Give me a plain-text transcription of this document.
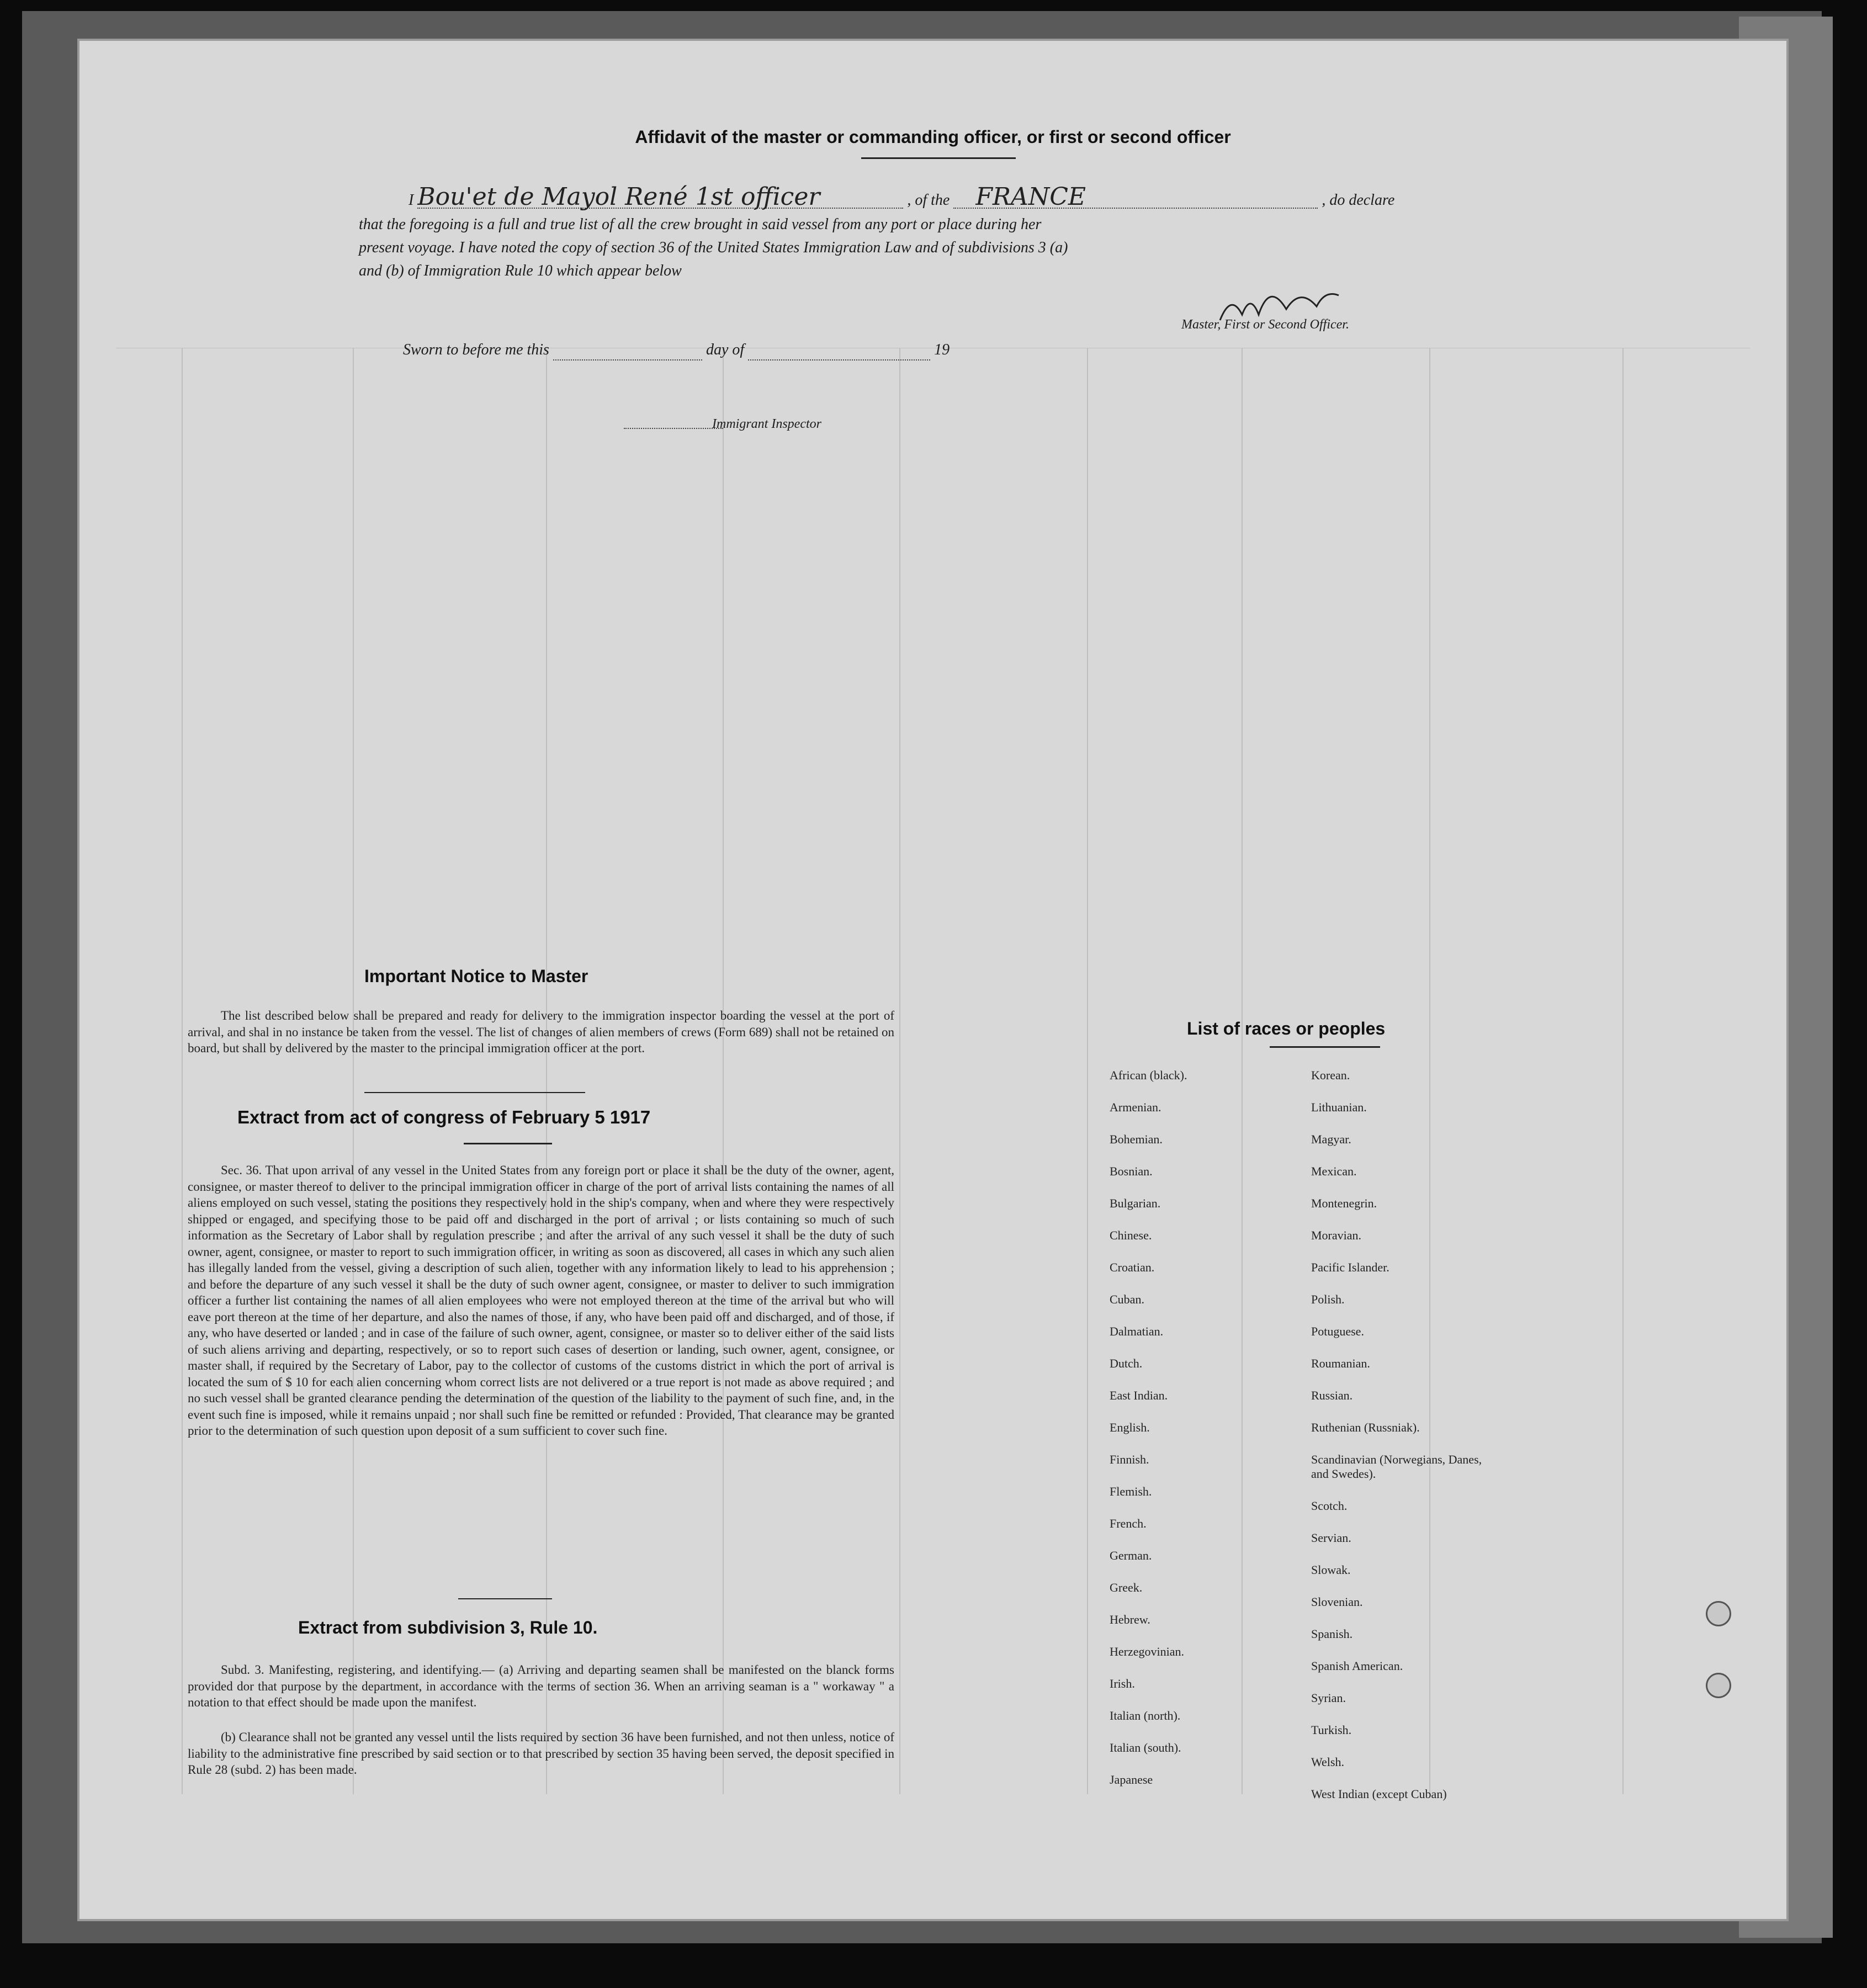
Affidavit of the master or commanding officer, or first or second officer
I Bou'et de Mayol René 1st officer	, of the FRANCE	, do declare
that the foregoing is a full and true list of all the crew brought in said vessel from any port or place during her
present voyage. I have noted the copy of section 36 of the United States Immigration Law and of subdivisions 3 (a)
and (b) of Immigration Rule 10 which appear below
Master, First or Second Officer.
Sworn to before me this	day of	19
Immigrant Inspector
Important Notice to Master
The list described below shall be prepared and ready for delivery to the immigration inspector boarding the vessel at the port of arrival, and shal in no instance be taken from the vessel. The list of changes of alien members of crews (Form 689) shall not be retained on board, but shall by delivered by the master to the principal immigration officer at the port.
Extract from act of congress of February 5 1917
Sec. 36. That upon arrival of any vessel in the United States from any foreign port or place it shall be the duty of the owner, agent, consignee, or master thereof to deliver to the principal immigration officer in charge of the port of arrival lists containing the names of all aliens employed on such vessel, stating the positions they respectively hold in the ship's company, when and where they were respectively shipped or engaged, and specifying those to be paid off and discharged in the port of arrival ; or lists containing so much of such information as the Secretary of Labor shall by regulation prescribe ; and after the arrival of any such vessel it shall be the duty of such owner, agent, consignee, or master to report to such immigration officer, in writing as soon as discovered, all cases in which any such alien has illegally landed from the vessel, giving a description of such alien, together with any information likely to lead to his apprehension ; and before the departure of any such vessel it shall be the duty of such owner agent, consignee, or master to deliver to such immigration officer a further list containing the names of all alien employees who were not employed thereon at the time of the arrival but who will eave port thereon at the time of her departure, and also the names of those, if any, who have been paid off and discharged, and of those, if any, who have deserted or landed ; and in case of the failure of such owner, agent, consignee, or master so to deliver either of the said lists of such aliens arriving and departing, respectively, or so to report such cases of desertion or landing, such owner, agent, consignee, or master shall, if required by the Secretary of Labor, pay to the collector of customs of the customs district in which the port of arrival is located the sum of $ 10 for each alien concerning whom correct lists are not delivered or a true report is not made as above required ; and no such vessel shall be granted clearance pending the determination of the question of the liability to the payment of such fine, and, in the event such fine is imposed, while it remains unpaid ; nor shall such fine be remitted or refunded : Provided, That clearance may be granted prior to the determination of such question upon deposit of a sum sufficient to cover such fine.
Extract from subdivision 3, Rule 10.
Subd. 3. Manifesting, registering, and identifying.— (a) Arriving and departing seamen shall be manifested on the blanck forms provided dor that purpose by the department, in accordance with the terms of section 36. When an arriving seaman is a " workaway " a notation to that effect should be made upon the manifest.
(b) Clearance shall not be granted any vessel until the lists required by section 36 have been furnished, and not then unless, notice of liability to the administrative fine prescribed by said section or to that prescribed by section 35 having been served, the deposit specified in Rule 28 (subd. 2) has been made.
List of races or peoples
African (black).
Armenian.
Bohemian.
Bosnian.
Bulgarian.
Chinese.
Croatian.
Cuban.
Dalmatian.
Dutch.
East Indian.
English.
Finnish.
Flemish.
French.
German.
Greek.
Hebrew.
Herzegovinian.
Irish.
Italian (north).
Italian (south).
Japanese
Korean.
Lithuanian.
Magyar.
Mexican.
Montenegrin.
Moravian.
Pacific Islander.
Polish.
Potuguese.
Roumanian.
Russian.
Ruthenian (Russniak).
Scandinavian (Norwegians, Danes, and Swedes).
Scotch.
Servian.
Slowak.
Slovenian.
Spanish.
Spanish American.
Syrian.
Turkish.
Welsh.
West Indian (except Cuban)
